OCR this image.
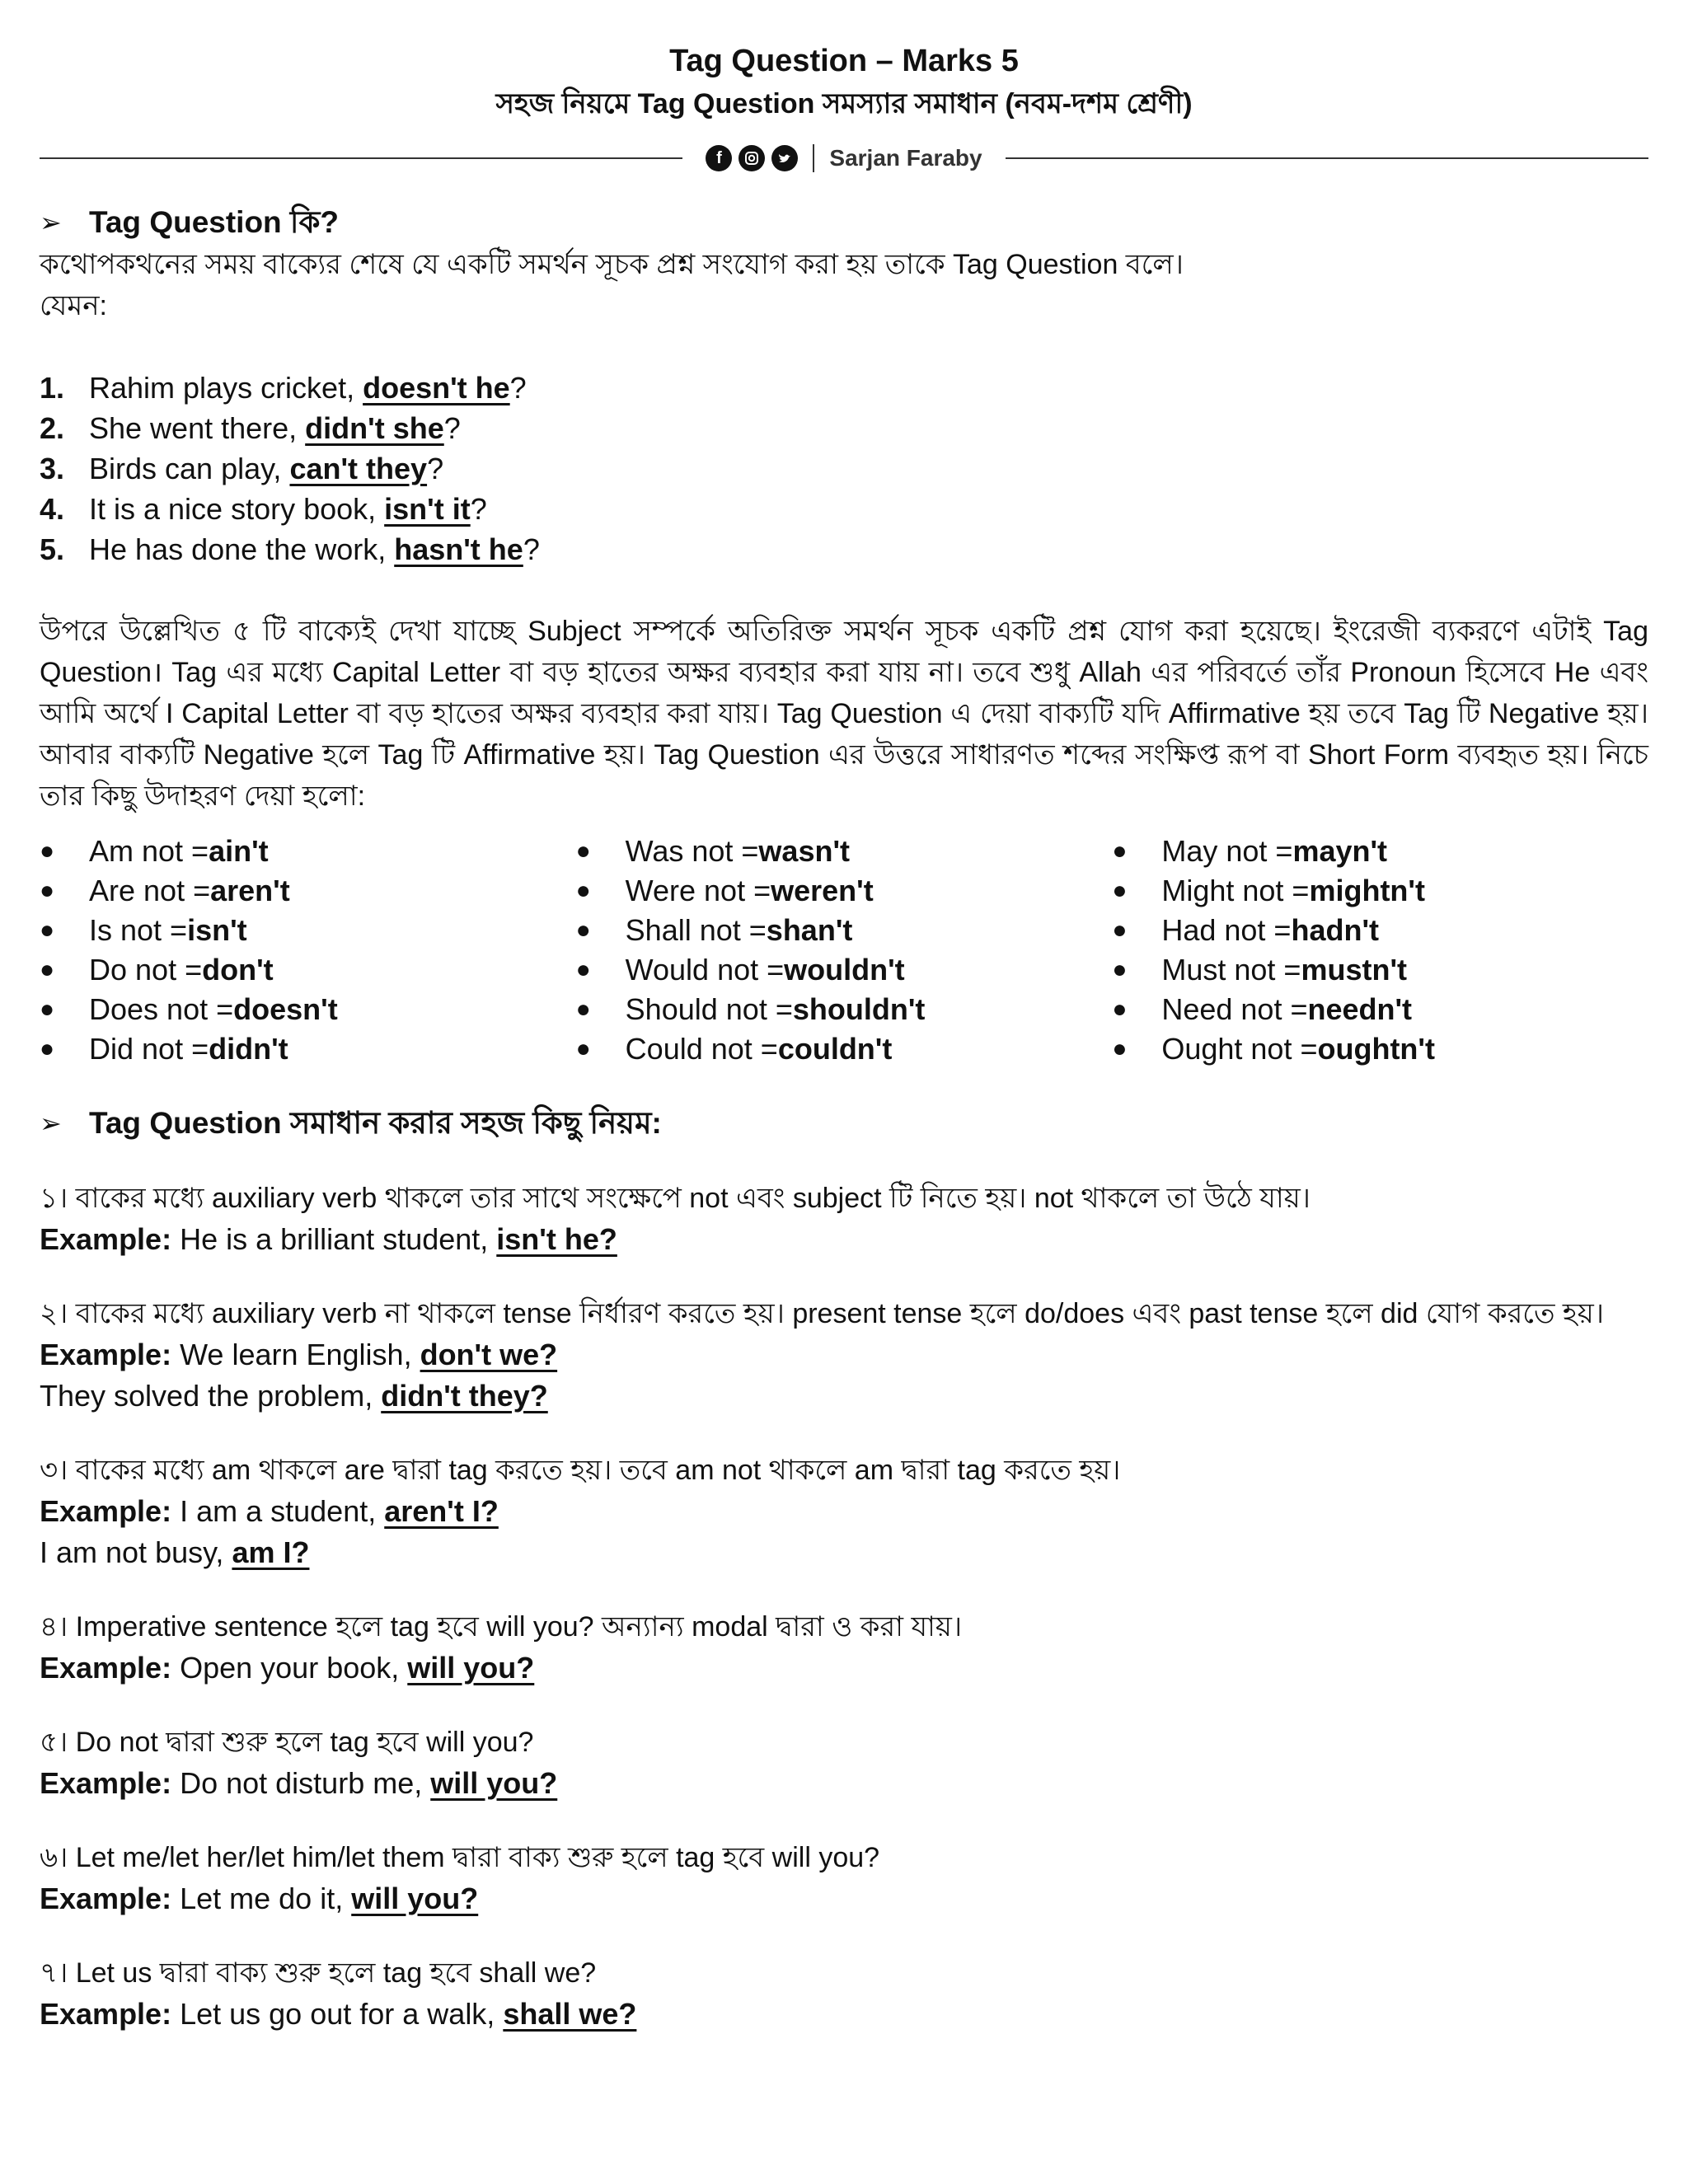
Tag Question – Marks 5
সহজ নিয়মে Tag Question সমস্যার সমাধান (নবম-দশম শ্রেণী)
f	Sarjan Faraby
➢ Tag Question কি?
কথোপকথনের সময় বাক্যের শেষে যে একটি সমর্থন সূচক প্রশ্ন সংযোগ করা হয় তাকে Tag Question বলে।
যেমন:
1. Rahim plays cricket, doesn't he?
2. She went there, didn't she?
3. Birds can play, can't they?
4. It is a nice story book, isn't it?
5. He has done the work, hasn't he?
উপরে উল্লেখিত ৫ টি বাক্যেই দেখা যাচ্ছে Subject সম্পর্কে অতিরিক্ত সমর্থন সূচক একটি প্রশ্ন যোগ করা হয়েছে। ইংরেজী ব্যকরণে এটাই Tag Question। Tag এর মধ্যে Capital Letter বা বড় হাতের অক্ষর ব্যবহার করা যায় না। তবে শুধু Allah এর পরিবর্তে তাঁর Pronoun হিসেবে He এবং আমি অর্থে I Capital Letter বা বড় হাতের অক্ষর ব্যবহার করা যায়। Tag Question এ দেয়া বাক্যটি যদি Affirmative হয় তবে Tag টি Negative হয়। আবার বাক্যটি Negative হলে Tag টি Affirmative হয়। Tag Question এর উত্তরে সাধারণত শব্দের সংক্ষিপ্ত রূপ বা Short Form ব্যবহৃত হয়। নিচে তার কিছু উদাহরণ দেয়া হলো:
●	Am not = ain't
●	Are not = aren't
●	Is not = isn't
●	Do not = don't
●	Does not = doesn't
●	Did not = didn't
●	Was not = wasn't
●	Were not = weren't
●	Shall not = shan't
●	Would not = wouldn't
●	Should not = shouldn't
●	Could not = couldn't
●	May not = mayn't
●	Might not = mightn't
●	Had not = hadn't
●	Must not = mustn't
●	Need not = needn't
●	Ought not = oughtn't
➢ Tag Question সমাধান করার সহজ কিছু নিয়ম:
১। বাকের মধ্যে auxiliary verb থাকলে তার সাথে সংক্ষেপে not এবং subject টি নিতে হয়। not থাকলে তা উঠে যায়।
Example: He is a brilliant student, isn't he?
২। বাকের মধ্যে auxiliary verb না থাকলে tense নির্ধারণ করতে হয়। present tense হলে do/does এবং past tense হলে did যোগ করতে হয়।
Example: We learn English, don't we?
They solved the problem, didn't they?
৩। বাকের মধ্যে am থাকলে are দ্বারা tag করতে হয়। তবে am not থাকলে am দ্বারা tag করতে হয়।
Example: I am a student, aren't I?
I am not busy, am I?
৪। Imperative sentence হলে tag হবে will you? অন্যান্য modal দ্বারা ও করা যায়।
Example: Open your book, will you?
৫। Do not দ্বারা শুরু হলে tag হবে will you?
Example: Do not disturb me, will you?
৬। Let me/let her/let him/let them দ্বারা বাক্য শুরু হলে tag হবে will you?
Example: Let me do it, will you?
৭। Let us দ্বারা বাক্য শুরু হলে tag হবে shall we?
Example: Let us go out for a walk, shall we?
